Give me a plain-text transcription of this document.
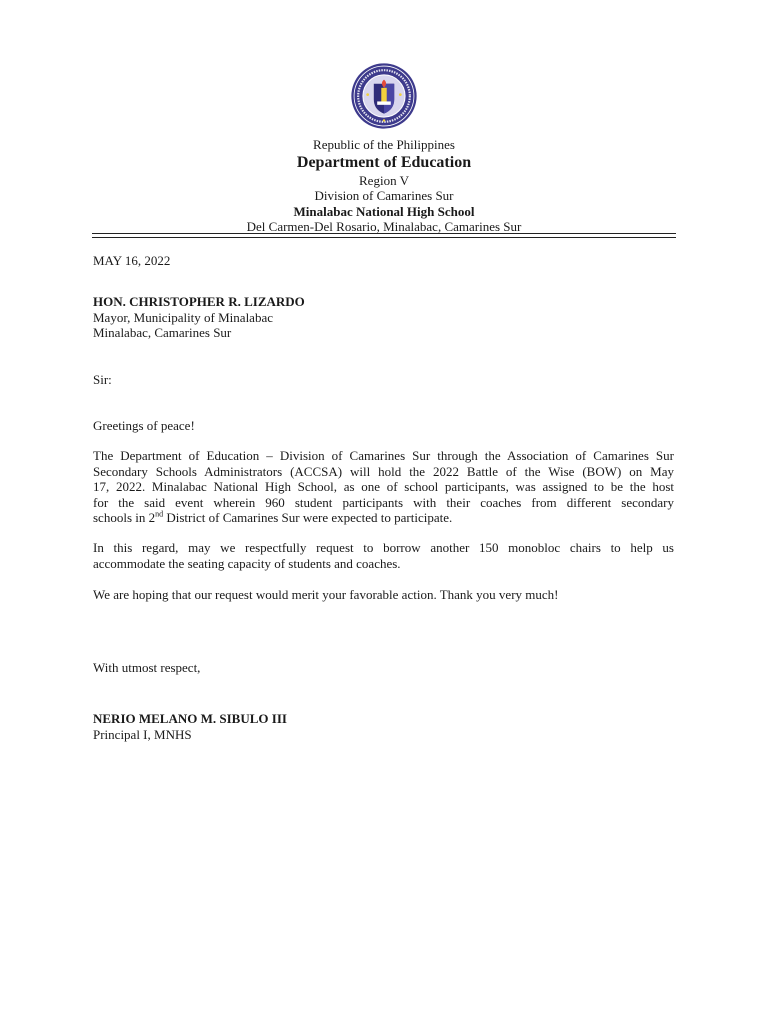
Republic of the Philippines
Department of Education
Region V
Division of Camarines Sur
Minalabac National High School
Del Carmen-Del Rosario, Minalabac, Camarines Sur
MAY 16, 2022
HON. CHRISTOPHER R. LIZARDO
Mayor, Municipality of Minalabac
Minalabac, Camarines Sur
Sir:
Greetings of peace!
The Department of Education – Division of Camarines Sur through the Association of Camarines Sur
Secondary Schools Administrators (ACCSA) will hold the 2022 Battle of the Wise (BOW) on May
17, 2022. Minalabac National High School, as one of school participants, was assigned to be the host
for the said event wherein 960 student participants with their coaches from different secondary
schools in 2nd District of Camarines Sur were expected to participate.
In this regard, may we respectfully request to borrow another 150 monobloc chairs to help us
accommodate the seating capacity of students and coaches.
We are hoping that our request would merit your favorable action. Thank you very much!
With utmost respect,
NERIO MELANO M. SIBULO III
Principal I, MNHS
